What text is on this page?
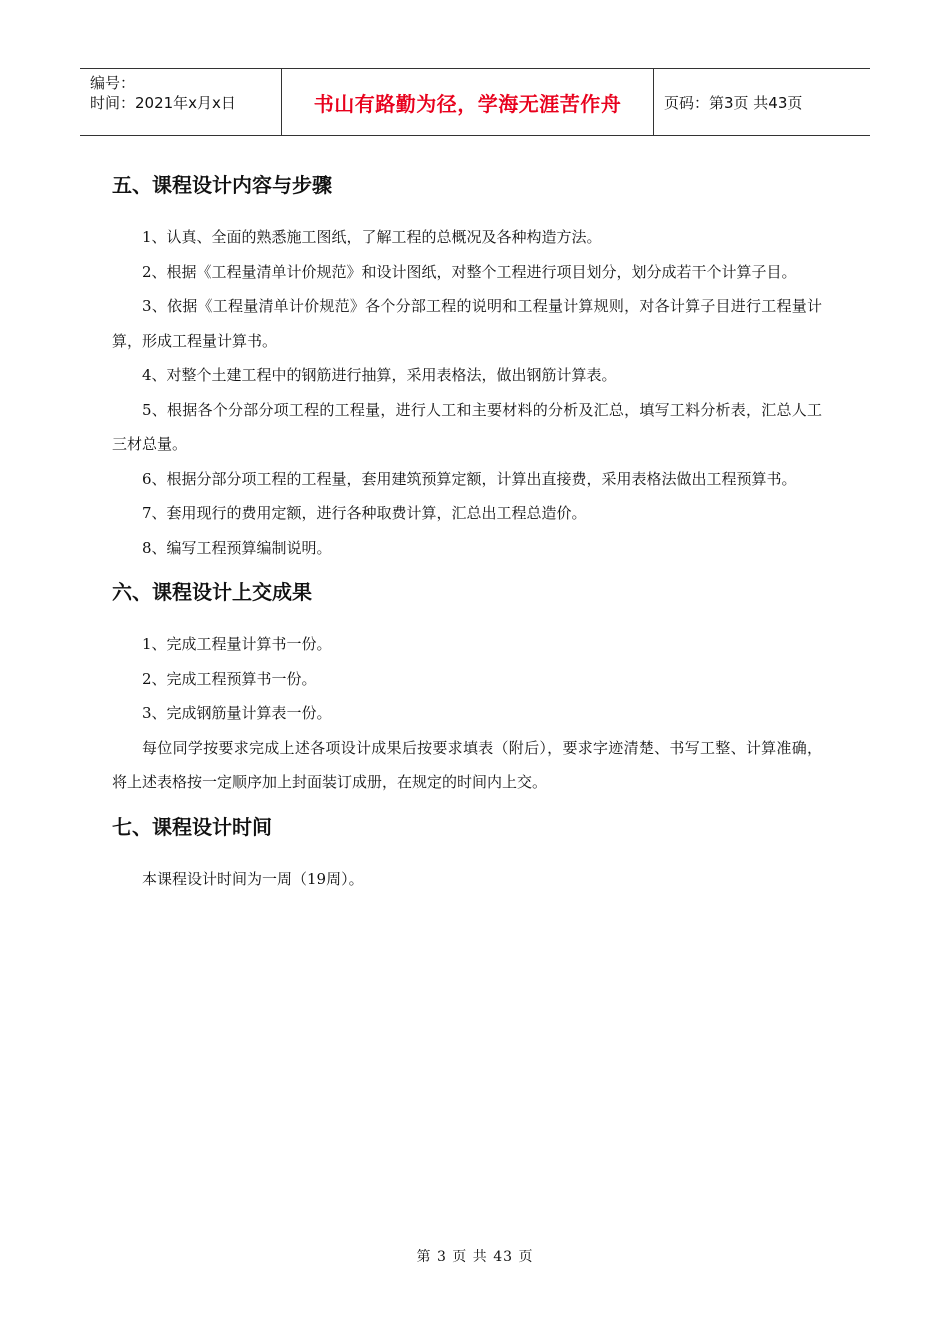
编号：
时间：2021年x月x日	书山有路勤为径，学海无涯苦作舟	页码：第3页 共43页
五、课程设计内容与步骤

1、认真、全面的熟悉施工图纸，了解工程的总概况及各种构造方法。

2、根据《工程量清单计价规范》和设计图纸，对整个工程进行项目划分，划分成若干个计算子目。

3、依据《工程量清单计价规范》各个分部工程的说明和工程量计算规则，对各计算子目进行工程量计算，形成工程量计算书。

4、对整个土建工程中的钢筋进行抽算，采用表格法，做出钢筋计算表。

5、根据各个分部分项工程的工程量，进行人工和主要材料的分析及汇总，填写工料分析表，汇总人工三材总量。

6、根据分部分项工程的工程量，套用建筑预算定额，计算出直接费，采用表格法做出工程预算书。

7、套用现行的费用定额，进行各种取费计算，汇总出工程总造价。

8、编写工程预算编制说明。

六、课程设计上交成果

1、完成工程量计算书一份。

2、完成工程预算书一份。

3、完成钢筋量计算表一份。

每位同学按要求完成上述各项设计成果后按要求填表（附后），要求字迹清楚、书写工整、计算准确，将上述表格按一定顺序加上封面装订成册，在规定的时间内上交。

七、课程设计时间

本课程设计时间为一周（19周）。

第 3 页 共 43 页
